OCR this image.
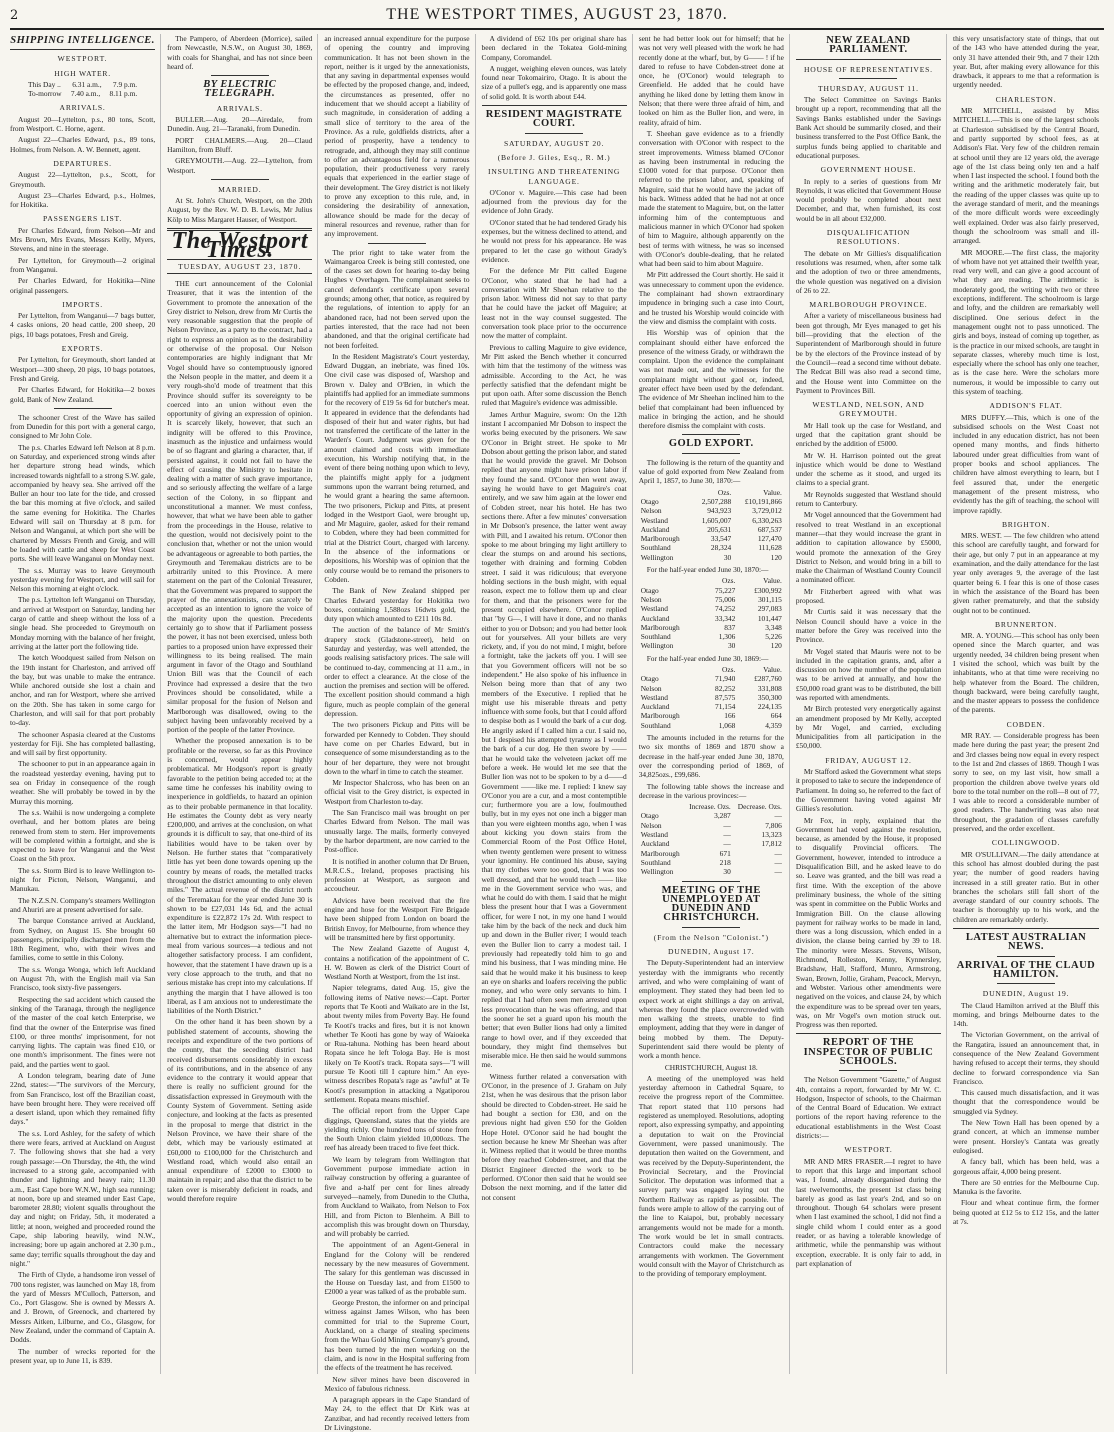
2	THE WESTPORT TIMES, AUGUST 23, 1870.
SHIPPING INTELLIGENCE.
WESTPORT.
HIGH WATER.
This Day .. 6.31 a.m., 7.9 p.m.
To-morrow 7.40 a.m., 8.11 p.m.
ARRIVALS.

August 20—Lyttelton, p.s., 80 tons, Scott, from Westport. C. Horne, agent.

August 22—Charles Edward, p.s., 89 tons, Holmes, from Nelson. A. W. Bennett, agent.

DEPARTURES.

August 22—Lyttelton, p.s., Scott, for Greymouth.

August 23—Charles Edward, p.s., Holmes, for Hokitika.

PASSENGERS LIST.

Per Charles Edward, from Nelson—Mr and Mrs Brown, Mrs Evans, Messrs Kelly, Myers, Stevens, and nine in the steerage.

Per Lyttelton, for Greymouth—2 original from Wanganui.

Per Charles Edward, for Hokitika—Nine original passengers.

IMPORTS.

Per Lyttelton, from Wanganui—7 bags butter, 4 casks onions, 20 head cattle, 200 sheep, 20 pigs, 10 bags potatoes, Fresh and Greig.

EXPORTS.

Per Lyttelton, for Greymouth, short landed at Westport—300 sheep, 20 pigs, 10 bags potatoes, Fresh and Greig.

Per Charles Edward, for Hokitika—2 boxes gold, Bank of New Zealand.

The schooner Crest of the Wave has sailed from Dunedin for this port with a general cargo, consigned to Mr John Cole.

The p.s. Charles Edward left Nelson at 8 p.m. on Saturday, and experienced strong winds after her departure strong head winds, which increased towards nightfall to a strong S.W. gale, accompanied by heavy sea. She arrived off the Buller an hour too late for the tide, and crossed the bar this morning at five o'clock, and sailed the same evening for Hokitika. The Charles Edward will sail on Thursday at 8 p.m. for Nelson and Wanganui, at which port she will be chartered by Messrs Frenth and Greig, and will be loaded with cattle and sheep for West Coast ports. She will leave Wanganui on Monday next.

The s.s. Murray was to leave Greymouth yesterday evening for Westport, and will sail for Nelson this morning at eight o'clock.

The p.s. Lyttelton left Wanganui on Thursday, and arrived at Westport on Saturday, landing her cargo of cattle and sheep without the loss of a single head. She proceeded to Greymouth on Monday morning with the balance of her freight, arriving at the latter port the following tide.

The ketch Woodquest sailed from Nelson on the 19th instant for Charleston, and arrived off the bay, but was unable to make the entrance. While anchored outside she lost a chain and anchor, and ran for Westport, where she arrived on the 20th. She has taken in some cargo for Charleston, and will sail for that port probably to-day.

The schooner Aspasia cleared at the Customs yesterday for Fiji. She has completed ballasting, and will sail by first opportunity.

The schooner to put in an appearance again in the roadstead yesterday evening, having put to sea on Friday in consequence of the rough weather. She will probably be towed in by the Murray this morning.

The s.s. Waihii is now undergoing a complete overhaul, and her bottom plates are being renewed from stem to stern. Her improvements will be completed within a fortnight, and she is expected to leave for Wanganui and the West Coast on the 5th prox.

The s.s. Storm Bird is to leave Wellington to-night for Picton, Nelson, Wanganui, and Manukau.

The N.Z.S.N. Company's steamers Wellington and Ahuriri are at present advertised for sale.

The barque Constance arrived at Auckland, from Sydney, on August 15. She brought 60 passengers, principally discharged men from the 18th Regiment, who, with their wives and families, come to settle in this Colony.

The s.s. Wonga Wonga, which left Auckland on August 7th, with the English mail via San Francisco, took sixty-five passengers.

Respecting the sad accident which caused the sinking of the Taranaga, through the negligence of the master of the coal ketch Enterprise, we find that the owner of the Enterprise was fined £100, or three months' imprisonment, for not carrying lights. The captain was fined £10, or one month's imprisonment. The fines were not paid, and the parties went to gaol.

A London telegram, bearing date of June 22nd, states:—"The survivors of the Mercury, from San Francisco, lost off the Brazilian coast, have been brought here. They were received off a desert island, upon which they remained fifty days."

The s.s. Lord Ashley, for the safety of which there were fears, arrived at Auckland on August 7. The following shows that she had a very rough passage:—On Thursday, the 4th, the wind increased to a strong gale, accompanied with thunder and lightning and heavy rain; 11.30 a.m., East Cape bore W.N.W., high sea running; at noon, bore up and steamed under East Cape, barometer 28.80; violent squalls throughout the day and night; on Friday, 5th, it moderated a little; at noon, weighed and proceeded round the Cape, ship laboring heavily, wind N.W., increasing; bore up again anchored at 2.30 p.m., same day; terrific squalls throughout the day and night."

The Firth of Clyde, a handsome iron vessel of 700 tons register, was launched on May 18, from the yard of Messrs M'Culloch, Patterson, and Co., Port Glasgow. She is owned by Messrs A. and J. Brown, of Greenock, and chartered by Messrs Aitken, Lilburne, and Co., Glasgow, for New Zealand, under the command of Captain A. Dodds.

The number of wrecks reported for the present year, up to June 11, is 839.

The Pampero, of Aberdeen (Morrice), sailed from Newcastle, N.S.W., on August 30, 1869, with coals for Shanghai, and has not since been heard of.

BY ELECTRIC TELEGRAPH.
ARRIVALS.

BULLER.—Aug. 20—Airedale, from Dunedin. Aug. 21—Taranaki, from Dunedin.

PORT CHALMERS.—Aug. 20—Claud Hamilton, from Bluff.

GREYMOUTH.—Aug. 22—Lyttelton, from Westport.

MARRIED.

At St. John's Church, Westport, on the 20th August, by the Rev. W. D. B. Lewis, Mr Julius Kölp to Miss Margaret Hauser, of Westport.

The Westport Times.
TUESDAY, AUGUST 23, 1870.

THE curt announcement of the Colonial Treasurer, that it was the intention of the Government to promote the annexation of the Grey district to Nelson, drew from Mr Curtis the very reasonable suggestion that the people of Nelson Province, as a party to the contract, had a right to express an opinion as to the desirability or otherwise of the proposal. Our Nelson contemporaries are highly indignant that Mr Vogel should have so contemptuously ignored the Nelson people in the matter, and deem it a very rough-sho'd mode of treatment that this Province should suffer its sovereignty to be coerced into an union without even the opportunity of giving an expression of opinion. It is scarcely likely, however, that such an indignity will be offered to this Province, inasmuch as the injustice and unfairness would be of so flagrant and glaring a character, that, if persisted against, it could not fail to have the effect of causing the Ministry to hesitate in dealing with a matter of such grave importance, and so seriously affecting the welfare of a large section of the Colony, in so flippant and unconstitutional a manner. We must confess, however, that what we have been able to gather from the proceedings in the House, relative to the question, would not decisively point to the conclusion that, whether or not the union would be advantageous or agreeable to both parties, the Greymouth and Teremakau districts are to be arbitrarily united to this Province. A mere statement on the part of the Colonial Treasurer, that the Government was prepared to support the prayer of the annexationists, can scarcely be accepted as an intention to ignore the voice of the majority upon the question. Precedents certainly go to show that if Parliament possess the power, it has not been exercised, unless both parties to a proposed union have expressed their willingness to its being realised. The main argument in favor of the Otago and Southland Union Bill was that the Council of each Province had expressed a desire that the two Provinces should be consolidated, while a similar proposal for the fusion of Nelson and Marlborough was disallowed, owing to the subject having been unfavorably received by a portion of the people of the latter Province.

Whether the proposed annexation is to be profitable or the reverse, so far as this Province is concerned, would appear highly problematical. Mr Hodgson's report is greatly favorable to the petition being acceded to; at the same time he confesses his inability owing to inexperience in goldfields, to hazard an opinion as to their probable permanence in that locality. He estimates the County debt as very nearly £200,000, and arrives at the conclusion, on what grounds it is difficult to say, that one-third of its liabilities would have to be taken over by Nelson. He further states that "comparatively little has yet been done towards opening up the country by means of roads, the metalled tracks throughout the district amounting to only eleven miles." The actual revenue of the district north of the Teremakau for the year ended June 30 is shown to be £27,031 14s 6d, and the actual expenditure is £22,872 17s 2d. With respect to the latter item, Mr Hodgson says—"I had no alternative but to extract the information piece-meal from various sources—a tedious and not altogether satisfactory process. I am confident, however, that the statement I have drawn up is a very close approach to the truth, and that no serious mistake has crept into my calculations. If anything the margin that I have allowed is too liberal, as I am anxious not to underestimate the liabilities of the North District."

On the other hand it has been shown by a published statement of accounts, showing the receipts and expenditure of the two portions of the county, that the seceding district had received disbursements considerably in excess of its contributions, and in the absence of any evidence to the contrary it would appear that there is really no sufficient ground for the dissatisfaction expressed in Greymouth with the County System of Government. Setting aside conjecture, and looking at the facts as presented in the proposal to merge that district in the Nelson Province, we have their share of the debt, which may be variously estimated at £60,000 to £100,000 for the Christchurch and Westland road, which would also entail an annual expenditure of £2000 to £3000 to maintain in repair; and also that the district to be taken over is miserably deficient in roads, and would therefore require

an increased annual expenditure for the purpose of opening the country and improving communication. It has not been shown in the report, neither is it urged by the annexationists, that any saving in departmental expenses would be effected by the proposed change, and, indeed, the circumstances as presented, offer no inducement that we should accept a liability of such magnitude, in consideration of adding a small slice of territory to the area of the Province. As a rule, goldfields districts, after a period of prosperity, have a tendency to retrograde, and, although they may still continue to offer an advantageous field for a numerous population, their productiveness very rarely equals that experienced in the earlier stage of their development. The Grey district is not likely to prove any exception to this rule, and, in considering the desirability of annexation, allowance should be made for the decay of mineral resources and revenue, rather than for any improvement.

The prior right to take water from the Waimangaroa Creek is being still contested, one of the cases set down for hearing to-day being Hughes v Overhagen. The complainant seeks to cancel defendant's certificate upon several grounds; among other, that notice, as required by the regulations, of intention to apply for an abandoned race, had not been served upon the parties interested, that the race had not been abandoned, and that the original certificate had not been forfeited.

In the Resident Magistrate's Court yesterday, Edward Duggan, an inebriate, was fined 10s. One civil case was disposed of, Warshop and Brown v. Daley and O'Brien, in which the plaintiffs had applied for an immediate summons for the recovery of £19 5s 6d for butcher's meat. It appeared in evidence that the defendants had disposed of their hut and water rights, but had not transferred the certificate of the latter in the Warden's Court. Judgment was given for the amount claimed and costs with immediate execution, his Worship notifying that, in the event of there being nothing upon which to levy, the plaintiffs might apply for a judgment summons upon the warrant being returned, and he would grant a hearing the same afternoon. The two prisoners, Pickup and Pitts, at present lodged in the Westport Gaol, were brought up, and Mr Maguire, gaoler, asked for their remand to Cobden, where they had been committed for trial at the District Court, charged with larceny. In the absence of the informations or depositions, his Worship was of opinion that the only course would be to remand the prisoners to Cobden.

The Bank of New Zealand shipped per Charles Edward yesterday for Hokitika two boxes, containing 1,588ozs 16dwts gold, the duty upon which amounted to £211 10s 8d.

The auction of the balance of Mr Smith's drapery stock (Gladstone-street), held on Saturday and yesterday, was well attended, the goods realising satisfactory prices. The sale will be continued to-day, commencing at 11 a.m., in order to effect a clearance. At the close of the auction the premises and section will be offered. The excellent position should command a high figure, much as people complain of the general depression.

The two prisoners Pickup and Pitts will be forwarded per Kennedy to Cobden. They should have come on per Charles Edward, but in consequence of some misunderstanding as to the hour of her departure, they were not brought down to the wharf in time to catch the steamer.

Mr Inspector Shalcross, who has been on an official visit to the Grey district, is expected in Westport from Charleston to-day.

The San Francisco mail was brought on per Charles Edward from Nelson. The mail was unusually large. The mails, formerly conveyed by the harbor department, are now carried to the Post-office.

It is notified in another column that Dr Bruen, M.R.C.S., Ireland, proposes practising his profession at Westport, as surgeon and accoucheur.

Advices have been received that the fire engine and hose for the Westport Fire Brigade have been shipped from London on board the British Envoy, for Melbourne, from whence they will be transmitted here by first opportunity.

The New Zealand Gazette of August 4, contains a notification of the appointment of C. H. W. Bowen as clerk of the District Court of Westland North at Westport, from the 1st inst.

Napier telegrams, dated Aug. 15, give the following items of Native news:—Capt. Porter reports that Te Kooti and Waikato are in the Ist, about twenty miles from Poverty Bay. He found Te Kooti's tracks and fires, but it is not known whether Te Kooti has gone by way of Waioeka or Rua-tahuna. Nothing has been heard about Ropata since he left Tologa Bay. He is most likely on Te Kooti's track. Ropata says—"I will pursue Te Kooti till I capture him." An eye-witness describes Ropata's rage as "awful" at Te Kooti's presumption in attacking a Ngatiporou settlement. Ropata means mischief.

The official report from the Upper Cape diggings, Queensland, states that the yields are yielding richly. One hundred tons of stone from the South Union claim yielded 10,000ozs. The reef has already been traced to five feet thick.

We learn by telegram from Wellington that Government purpose immediate action in railway construction by offering a guarantee of five and a-half per cent for lines already surveyed—namely, from Dunedin to the Clutha, from Auckland to Waikato, from Nelson to Fox Hill, and from Picton to Blenheim. A Bill to accomplish this was brought down on Thursday, and will probably be carried.

The appointment of an Agent-General in England for the Colony will be rendered necessary by the new measures of Government. The salary for this gentleman was discussed in the House on Tuesday last, and from £1500 to £2000 a year was talked of as the probable sum.

George Preston, the informer on and principal witness against James Wilson, who has been committed for trial to the Supreme Court, Auckland, on a charge of stealing specimens from the Whau Gold Mining Company's ground, has been turned by the men working on the claim, and is now in the Hospital suffering from the effects of the treatment he has received.

New silver mines have been discovered in Mexico of fabulous richness.

A paragraph appears in the Cape Standard of May 24, to the effect that Dr Kirk was at Zanzibar, and had recently received letters from Dr Livingstone.

A dividend of £62 10s per original share has been declared in the Tokatea Gold-mining Company, Coromandel.

A nugget, weighing eleven ounces, was lately found near Tokomairiro, Otago. It is about the size of a pullet's egg, and is apparently one mass of solid gold. It is worth about £44.

RESIDENT MAGISTRATE COURT.
SATURDAY, AUGUST 20.
(Before J. Giles, Esq., R. M.)
INSULTING AND THREATENING LANGUAGE.

O'Conor v. Maguire.—This case had been adjourned from the previous day for the evidence of John Grady.

O'Conor stated that he had tendered Grady his expenses, but the witness declined to attend, and he would not press for his appearance. He was prepared to let the case go without Grady's evidence.

For the defence Mr Pitt called Eugene O'Conor, who stated that he had had a conversation with Mr Sheehan relative to the prison labor. Witness did not say to that party that he could have the jacket off Maguire; at least not in the way counsel suggested. The conversation took place prior to the occurrence now the matter of complaint.

Previous to calling Maguire to give evidence, Mr Pitt asked the Bench whether it concurred with him that the testimony of the witness was admissible. According to the Act, he was perfectly satisfied that the defendant might be put upon oath. After some discussion the Bench ruled that Maguire's evidence was admissible.

James Arthur Maguire, sworn: On the 12th instant I accompanied Mr Dobson to inspect the works being executed by the prisoners. We saw O'Conor in Bright street. He spoke to Mr Dobson about getting the prison labor, and stated that he would provide the gravel. Mr Dobson replied that anyone might have prison labor if they found the sand. O'Conor then went away, saying he would have to get Maguire's coat entirely, and we saw him again at the lower end of Cobden street, near his hotel. He has two sections there. After a few minutes' conversation in Mr Dobson's presence, the latter went away with Pill, and I awaited his return. O'Conor then spoke to me about bringing my light artillery to clear the stumps on and around his sections, together with draining and forming Cobden street. I said it was ridiculous; that everyone holding sections in the bush might, with equal reason, expect me to follow them up and clear for them, and that the prisoners were for the present occupied elsewhere. O'Conor replied that "by G—, I will have it done, and no thanks either to you or Dobson; and you had better look out for yourselves. All your billets are very rickety, and, if you do not mind, I might, before a fortnight, take the jackets off you. I will see that you Government officers will not be so independent." He also spoke of his influence in Nelson being more than that of any two members of the Executive. I replied that he might use his miserable threats and petty influence with some fools, but that I could afford to despise both as I would the bark of a cur dog. He angrily asked if I called him a cur. I said no, but I despised his attempted tyranny as I would the bark of a cur dog. He then swore by —— that he would take the velveteen jacket off me before a week. He would let me see that the Buller lion was not to be spoken to by a d——d Government ——like me. I replied: I knew say O'Conor you are a cur, and a most contemptible cur; furthermore you are a low, foulmouthed bully, but in my eyes not one inch a bigger man than you were eighteen months ago, when I was about kicking you down stairs from the Commercial Room of the Post Office Hotel, when twenty gentlemen were present to witness your ignominy. He continued his abuse, saying that my clothes were too good, that I was too well dressed, and that he would teach —— like me in the Government service who was, and what he could do with them. I said that he might bless the present hour that I was a Government officer, for were I not, in my one hand I would take him by the back of the neck and duck him up and down in the Buller river; I would teach even the Buller lion to carry a modest tail. I previously had repeatedly told him to go and mind his business, that I was minding mine. He said that he would make it his business to keep an eye on sharks and loafers receiving the public money, and who were only servants to him. I replied that I had often seen men arrested upon less provocation than he was offering, and that the sooner he set a guard upon his mouth the better; that even Buller lions had only a limited range to howl over, and if they exceeded that boundary, they might find themselves but miserable mice. He then said he would summons me.

Witness further related a conversation with O'Conor, in the presence of J. Graham on July 21st, when he was desirous that the prison labor should be directed to Cobden-street. He said he had bought a section for £30, and on the previous night had given £50 for the Golden Hope Hotel. O'Conor said he had bought the section because he knew Mr Sheehan was after it. Witness replied that it would be three months before they reached Cobden-street, and that the District Engineer directed the work to be performed. O'Conor then said that he would see Dobson the next morning, and if the latter did not consent

sent he had better look out for himself; that he was not very well pleased with the work he had recently done at the wharf, but, by G—— ! if he dared to refuse to have Cobden-street done at once, he (O'Conor) would telegraph to Greenfield. He added that he could have anything he liked done by letting them know in Nelson; that there were three afraid of him, and looked on him as the Buller lion, and were, in reality, afraid of him.

T. Sheehan gave evidence as to a friendly conversation with O'Conor with respect to the street improvements. Witness blamed O'Conor as having been instrumental in reducing the £1000 voted for that purpose. O'Conor then referred to the prison labor, and, speaking of Maguire, said that he would have the jacket off his back. Witness added that he had not at once made the statement to Maguire, but, on the latter informing him of the contemptuous and malicious manner in which O'Conor had spoken of him to Maguire, although apparently on the best of terms with witness, he was so incensed with O'Conor's double-dealing, that he related what had been said to him about Maguire.

Mr Pitt addressed the Court shortly. He said it was unnecessary to comment upon the evidence. The complainant had shown extraordinary impudence in bringing such a case into Court, and he trusted his Worship would coincide with the view and dismiss the complaint with costs.

His Worship was of opinion that the complainant should either have enforced the presence of the witness Grady, or withdrawn the complaint. Upon the evidence the complainant was not made out, and the witnesses for the complainant might without gaol or, indeed, greater effect have been used by the defendant. The evidence of Mr Sheehan inclined him to the belief that complainant had been influenced by malice in bringing the action, and he should therefore dismiss the complaint with costs.

GOLD EXPORT.

The following is the return of the quantity and value of gold exported from New Zealand from April 1, 1857, to June 30, 1870:—

	Ozs.	Value.
Otago	2,507,288	£10,191,866
Nelson	943,923	3,729,012
Westland	1,605,007	6,330,263
Auckland	205,631	687,537
Marlborough	33,547	127,470
Southland	28,324	111,628
Wellington	30	120

For the half-year ended June 30, 1870:—

	Ozs.	Value.
Otago	75,227	£300,992
Nelson	75,006	301,115
Westland	74,252	297,083
Auckland	33,342	101,447
Marlborough	837	3,348
Southland	1,306	5,226
Wellington	30	120

For the half-year ended June 30, 1869:—

	Ozs.	Value.
Otago	71,940	£287,760
Nelson	82,252	331,808
Westland	87,575	350,300
Auckland	71,154	224,135
Marlborough	166	664
Southland	1,068	4,359

The amounts included in the returns for the two six months of 1869 and 1870 show a decrease in the half-year ended June 30, 1870, over the corresponding period of 1869, of 34,825ozs., £99,686.

The following table shows the increase and decrease in the various provinces:—

	Increase. Ozs.	Decrease. Ozs.
Otago	3,287	—
Nelson	—	7,806
Westland	—	13,323
Auckland	—	17,812
Marlborough	671	—
Southland	218	—
Wellington	30	—
MEETING OF THE UNEMPLOYED AT DUNEDIN AND CHRISTCHURCH.
(From the Nelson "Colonist.")
DUNEDIN, August 17.

The Deputy-Superintendent had an interview yesterday with the immigrants who recently arrived, and who were complaining of want of employment. They stated they had been led to expect work at eight shillings a day on arrival, whereas they found the place overcrowded with men walking the streets, unable to find employment, adding that they were in danger of being mobbed by them. The Deputy-Superintendent said there would be plenty of work a month hence.

CHRISTCHURCH, August 18.

A meeting of the unemployed was held yesterday afternoon in Cathedral Square, to receive the progress report of the Committee. That report stated that 110 persons had registered as unemployed. Resolutions, adopting report, also expressing sympathy, and appointing a deputation to wait on the Provincial Government, were passed unanimously. The deputation then waited on the Government, and was received by the Deputy-Superintendent, the Provincial Secretary, and the Provincial Solicitor. The deputation was informed that a survey party was engaged laying out the Northern Railway as rapidly as possible. The funds were ample to allow of the carrying out of the line to Kaiapoi, but, probably necessary arrangements would not be made for a month. The work would be let in small contracts. Contractors could make the necessary arrangements with workmen. The Government would consult with the Mayor of Christchurch as to the providing of temporary employment.

NEW ZEALAND PARLIAMENT.
HOUSE OF REPRESENTATIVES.
THURSDAY, AUGUST 11.

The Select Committee on Savings Banks brought up a report, recommending that all the Savings Banks established under the Savings Bank Act should be summarily closed, and their business transferred to the Post Office Bank, the surplus funds being applied to charitable and educational purposes.

GOVERNMENT HOUSE.

In reply to a series of questions from Mr Reynolds, it was elicited that Government House would probably be completed about next December, and that, when furnished, its cost would be in all about £32,000.

DISQUALIFICATION RESOLUTIONS.

The debate on Mr Gillies's disqualification resolutions was resumed, when, after some talk and the adoption of two or three amendments, the whole question was negatived on a division of 26 to 22.

MARLBOROUGH PROVINCE.

After a variety of miscellaneous business had been got through, Mr Eyes managed to get his bill—providing that the election of the Superintendent of Marlborough should in future be by the electors of the Province instead of by the Council—read a second time without debate. The Redcat Bill was also read a second time, and the House went into Committee on the Payment to Provinces Bill.

WESTLAND, NELSON, AND GREYMOUTH.

Mr Hall took up the case for Westland, and urged that the capitation grant should be enriched by the addition of £5000.

Mr W. H. Harrison pointed out the great injustice which would be done to Westland under the scheme as it stood, and urged its claims to a special grant.

Mr Reynolds suggested that Westland should return to Canterbury.

Mr Vogel announced that the Government had resolved to treat Westland in an exceptional manner—that they would increase the grant in addition to capitation allowance by £5000, would promote the annexation of the Grey District to Nelson, and would bring in a bill to make the Chairman of Westland County Council a nominated officer.

Mr Fitzherbert agreed with what was proposed.

Mr Curtis said it was necessary that the Nelson Council should have a voice in the matter before the Grey was received into the Province.

Mr Vogel stated that Mauris were not to be included in the capitation grants, and, after a discussion on how the number of the population was to be arrived at annually, and how the £50,000 road grant was to be distributed, the bill was reported with amendments.

Mr Birch protested very energetically against an amendment proposed by Mr Kelly, accepted by Mr Vogel, and carried, excluding Municipalities from all participation in the £50,000.

FRIDAY, AUGUST 12.

Mr Stafford asked the Government what steps it proposed to take to secure the independence of Parliament. In doing so, he referred to the fact of the Government having voted against Mr Gillies's resolution.

Mr Fox, in reply, explained that the Government had voted against the resolution, because, as amended by the House, it proposed to disqualify Provincial officers. The Government, however, intended to introduce a Disqualification Bill, and he asked leave to do so. Leave was granted, and the bill was read a first time. With the exception of the above preliminary business, the whole of the sitting was spent in committee on the Public Works and Immigration Bill. On the clause allowing payment for railway works to be made in land, there was a long discussion, which ended in a division, the clause being carried by 39 to 18. The minority were Messrs. Stevens, Wilson, Richmond, Rolleston, Kenny, Kynnersley, Bradshaw, Hall, Stafford, Munro, Armstrong, Swan, Brown, Jollie, Graham, Peacock, Mervyn, and Webster. Various other amendments were negatived on the voices, and clause 24, by which the expenditure was to be spread over ten years, was, on Mr Vogel's own motion struck out. Progress was then reported.

REPORT OF THE INSPECTOR OF PUBLIC SCHOOLS.

The Nelson Government "Gazette," of August 4th, contains a report, forwarded by Mr W. C. Hodgson, Inspector of schools, to the Chairman of the Central Board of Education. We extract portions of the report having reference to the educational establishments in the West Coast districts:—

WESTPORT.

MR AND MRS FRASER.—I regret to have to report that this large and important school was, I found, already disorganised during the last twelvemonths, the present 1st class being barely as good as last year's 2nd, and so on throughout. Though 64 scholars were present when I last examined the school, I did not find a single child whom I could enter as a good reader, or as having a tolerable knowledge of arithmetic, while the penmanship was without exception, execrable. It is only fair to add, in part explanation of

this very unsatisfactory state of things, that out of the 143 who have attended during the year, only 31 have attended their 9th, and 7 their 12th year. But, after making every allowance for this drawback, it appears to me that a reformation is urgently needed.

CHARLESTON.

MR MITCHELL, assisted by Miss MITCHELL.—This is one of the largest schools at Charleston subsidised by the Central Board, and partly supported by school fees, as at Addison's Flat. Very few of the children remain at school until they are 12 years old, the average age of the 1st class being only ten and a half when I last inspected the school. I found both the writing and the arithmetic moderately fair, but the reading of the upper classes was quite up to the average standard of merit, and the meanings of the more difficult words were exceedingly well explained. Order was also fairly preserved, though the schoolroom was small and ill-arranged.

MR MOORE.—The first class, the majority of whom have not yet attained their twelfth year, read very well, and can give a good account of what they are reading. The arithmetic is moderately good, the writing with two or three exceptions, indifferent. The schoolroom is large and lofty, and the children are remarkably well disciplined. One serious defect in the management ought not to pass unnoticed. The girls and boys, instead of coming up together, as is the practice in our mixed schools, are taught in separate classes, whereby much time is lost, especially where the school has only one teacher, as is the case here. Were the scholars more numerous, it would be impossible to carry out this system of teaching.

ADDISON'S FLAT.

MRS DUFFY.—This, which is one of the subsidised schools on the West Coast not included in any education district, has not been opened many months, and finds hitherto laboured under great difficulties from want of proper books and school appliances. The children have almost everything to learn, but I feel assured that, under the energetic management of the present mistress, who evidently has the gift of teaching, the school will improve rapidly.

BRIGHTON.

MRS. WEST. — The few children who attend this school are carefully taught, and forward for their age, but only 7 put in an appearance at my examination, and the daily attendance for the last year only averages 9, the average of the last quarter being 6. I fear this is one of those cases in which the assistance of the Board has been given rather prematurely, and that the subsidy ought not to be continued.

BRUNNERTON.

MR. A. YOUNG.—This school has only been opened since the March quarter, and was urgently needed, 34 children being present when I visited the school, which was built by the inhabitants, who at that time were receiving no help whatever from the Board. The children, though backward, were being carefully taught, and the master appears to possess the confidence of the parents.

COBDEN.

MR RAY. — Considerable progress has been made here during the past year; the present 2nd and 3rd classes being now equal in every respect to the 1st and 2nd classes of 1869. Though I was sorry to see, on my last visit, how small a proportion the children above twelve years old bore to the total number on the roll—8 out of 77, I was able to record a considerable number of good readers. The handwriting was also neat throughout, the gradation of classes carefully preserved, and the order excellent.

COLLINGWOOD.

MR O'SULLIVAN.—The daily attendance at this school has almost doubled during the past year; the number of good readers having increased in a still greater ratio. But in other branches the scholars still fall short of the average standard of our country schools. The teacher is thoroughly up to his work, and the children are remarkably orderly.

LATEST AUSTRALIAN NEWS.
ARRIVAL OF THE CLAUD HAMILTON.
DUNEDIN, August 19.

The Claud Hamilton arrived at the Bluff this morning, and brings Melbourne dates to the 14th.

The Victorian Government, on the arrival of the Rangatira, issued an announcement that, in consequence of the New Zealand Government having refused to accept their terms, they should decline to forward correspondence via San Francisco.

This caused much dissatisfaction, and it was thought that the correspondence would be smuggled via Sydney.

The New Town Hall has been opened by a grand concert, at which an immense number were present. Horsley's Cantata was greatly eulogised.

A fancy ball, which has been held, was a gorgeous affair, 4,000 being present.

There are 50 entries for the Melbourne Cup. Manuka is the favorite.

Flour and wheat continue firm, the former being quoted at £12 5s to £12 15s, and the latter at 7s.
